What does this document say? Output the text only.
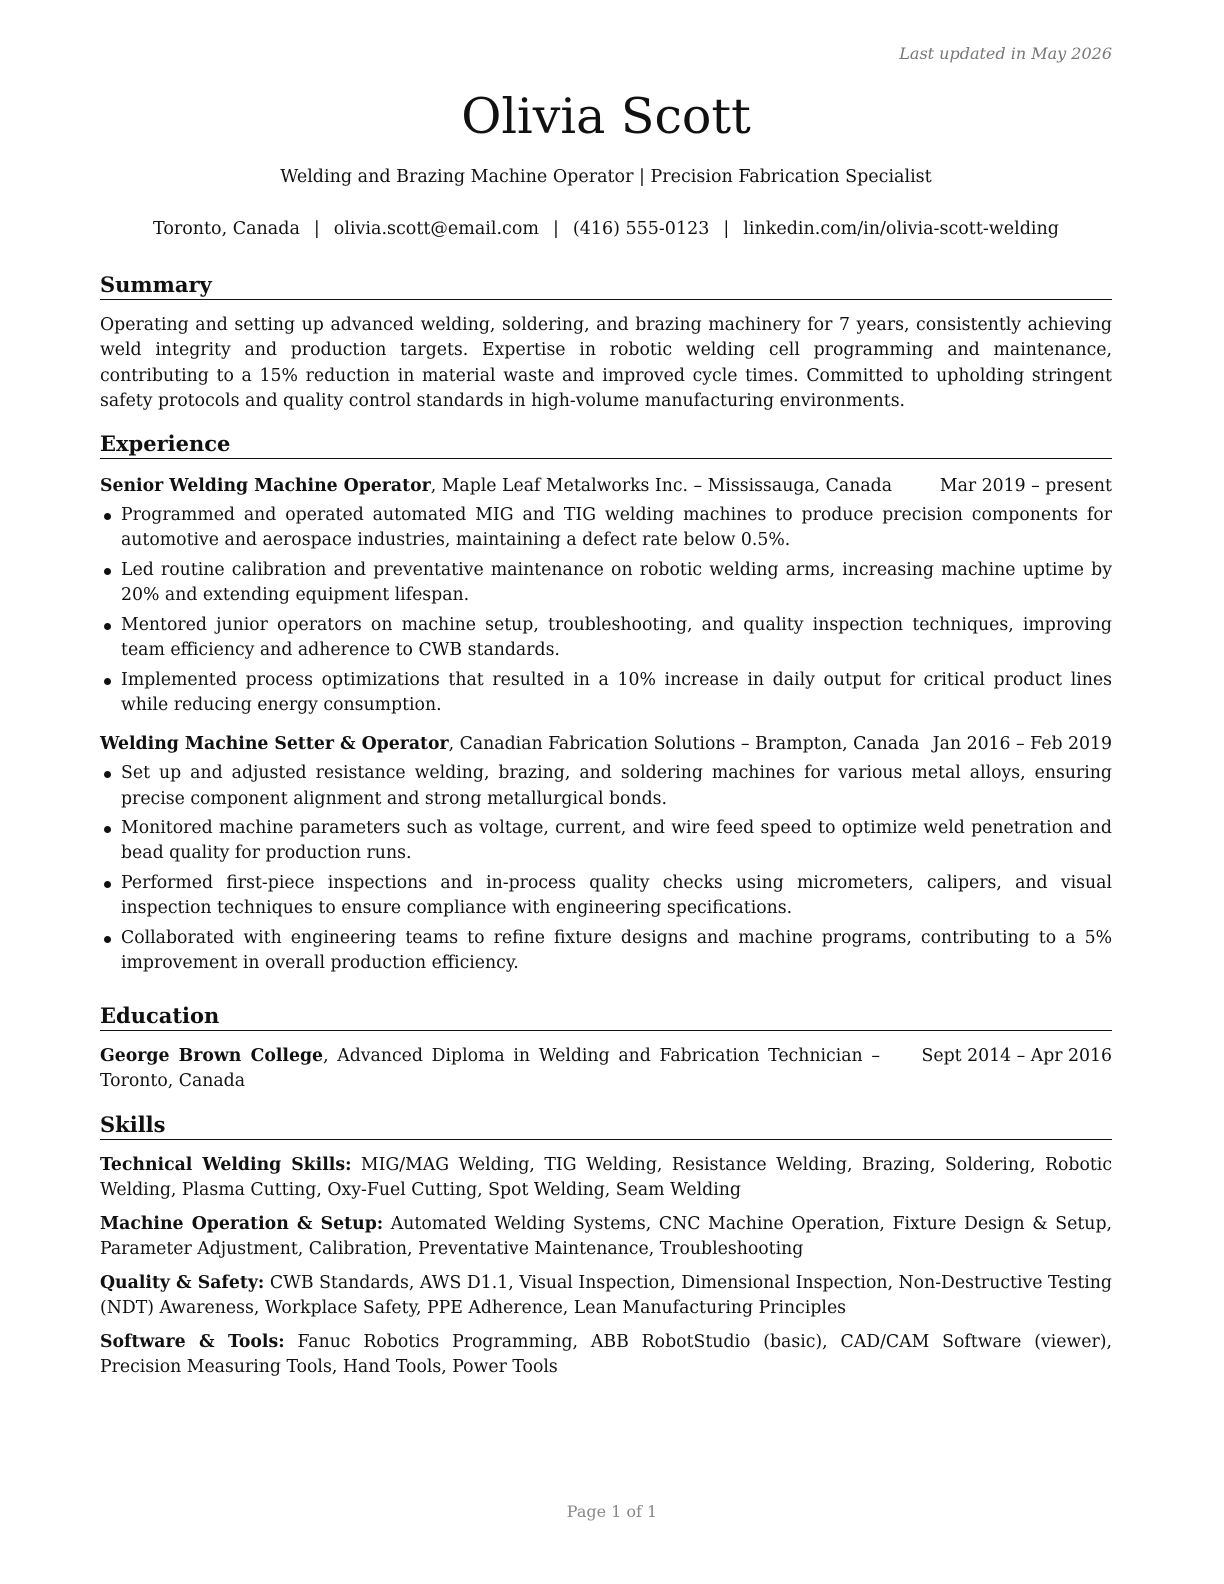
Last updated in May 2026
Olivia Scott
Welding and Brazing Machine Operator | Precision Fabrication Specialist
Toronto, Canada | olivia.scott@email.com | (416) 555-0123 | linkedin.com/in/olivia-scott-welding
Summary
Operating and setting up advanced welding, soldering, and brazing machinery for 7 years, consistently achieving weld integrity and production targets. Expertise in robotic welding cell programming and maintenance, contributing to a 15% reduction in material waste and improved cycle times. Committed to upholding stringent safety protocols and quality control standards in high-volume manufacturing environments.
Experience
Senior Welding Machine Operator, Maple Leaf Metalworks Inc. – Mississauga, Canada	Mar 2019 – present
Programmed and operated automated MIG and TIG welding machines to produce precision components for automotive and aerospace industries, maintaining a defect rate below 0.5%.
Led routine calibration and preventative maintenance on robotic welding arms, increasing machine uptime by 20% and extending equipment lifespan.
Mentored junior operators on machine setup, troubleshooting, and quality inspection techniques, improving team efficiency and adherence to CWB standards.
Implemented process optimizations that resulted in a 10% increase in daily output for critical product lines while reducing energy consumption.
Welding Machine Setter & Operator, Canadian Fabrication Solutions – Brampton, Canada Jan 2016 – Feb 2019
Set up and adjusted resistance welding, brazing, and soldering machines for various metal alloys, ensuring precise component alignment and strong metallurgical bonds.
Monitored machine parameters such as voltage, current, and wire feed speed to optimize weld penetration and bead quality for production runs.
Performed first-piece inspections and in-process quality checks using micrometers, calipers, and visual inspection techniques to ensure compliance with engineering specifications.
Collaborated with engineering teams to refine fixture designs and machine programs, contributing to a 5% improvement in overall production efficiency.
Education
George Brown College, Advanced Diploma in Welding and Fabrication Technician – Toronto, Canada
Sept 2014 – Apr 2016
Skills
Technical Welding Skills: MIG/MAG Welding, TIG Welding, Resistance Welding, Brazing, Soldering, Robotic Welding, Plasma Cutting, Oxy-Fuel Cutting, Spot Welding, Seam Welding
Machine Operation & Setup: Automated Welding Systems, CNC Machine Operation, Fixture Design & Setup, Parameter Adjustment, Calibration, Preventative Maintenance, Troubleshooting
Quality & Safety: CWB Standards, AWS D1.1, Visual Inspection, Dimensional Inspection, Non-Destructive Testing (NDT) Awareness, Workplace Safety, PPE Adherence, Lean Manufacturing Principles
Software & Tools: Fanuc Robotics Programming, ABB RobotStudio (basic), CAD/CAM Software (viewer), Precision Measuring Tools, Hand Tools, Power Tools
Page 1 of 1
